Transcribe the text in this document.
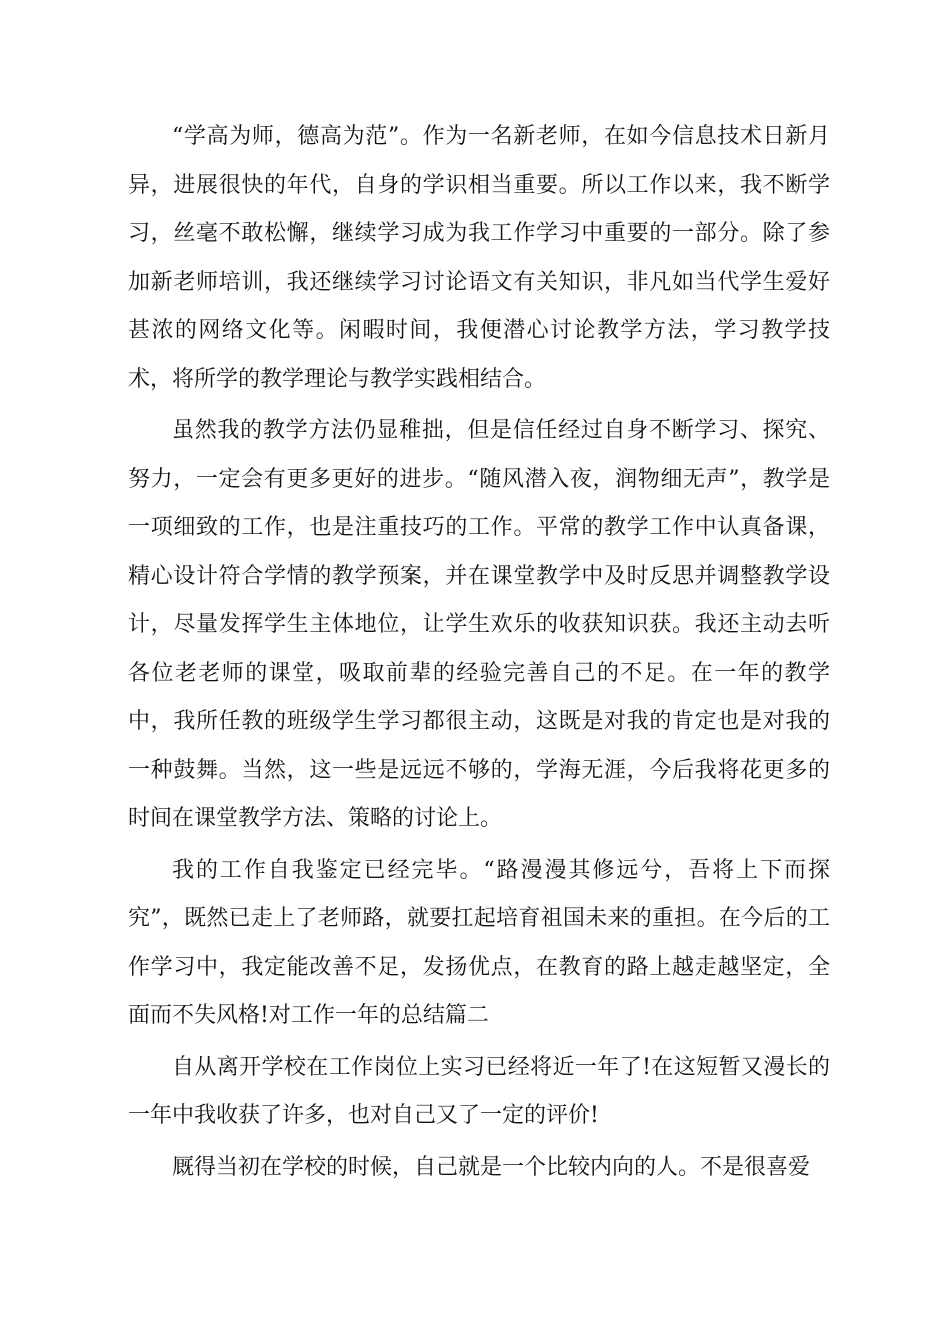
“学高为师，德高为范”。作为一名新老师，在如今信息技术日新月异，进展很快的年代，自身的学识相当重要。所以工作以来，我不断学习，丝毫不敢松懈，继续学习成为我工作学习中重要的一部分。除了参加新老师培训，我还继续学习讨论语文有关知识，非凡如当代学生爱好甚浓的网络文化等。闲暇时间，我便潜心讨论教学方法，学习教学技术，将所学的教学理论与教学实践相结合。

虽然我的教学方法仍显稚拙，但是信任经过自身不断学习、探究、努力，一定会有更多更好的进步。“随风潜入夜，润物细无声”，教学是一项细致的工作，也是注重技巧的工作。平常的教学工作中认真备课，精心设计符合学情的教学预案，并在课堂教学中及时反思并调整教学设计，尽量发挥学生主体地位，让学生欢乐的收获知识获。我还主动去听各位老老师的课堂，吸取前辈的经验完善自己的不足。在一年的教学中，我所任教的班级学生学习都很主动，这既是对我的肯定也是对我的一种鼓舞。当然，这一些是远远不够的，学海无涯，今后我将花更多的时间在课堂教学方法、策略的讨论上。

我的工作自我鉴定已经完毕。“路漫漫其修远兮，吾将上下而探究”，既然已走上了老师路，就要扛起培育祖国未来的重担。在今后的工作学习中，我定能改善不足，发扬优点，在教育的路上越走越坚定，全面而不失风格!对工作一年的总结篇二

自从离开学校在工作岗位上实习已经将近一年了!在这短暂又漫长的一年中我收获了许多，也对自己又了一定的评价!

厩得当初在学校的时候，自己就是一个比较内向的人。不是很喜爱
